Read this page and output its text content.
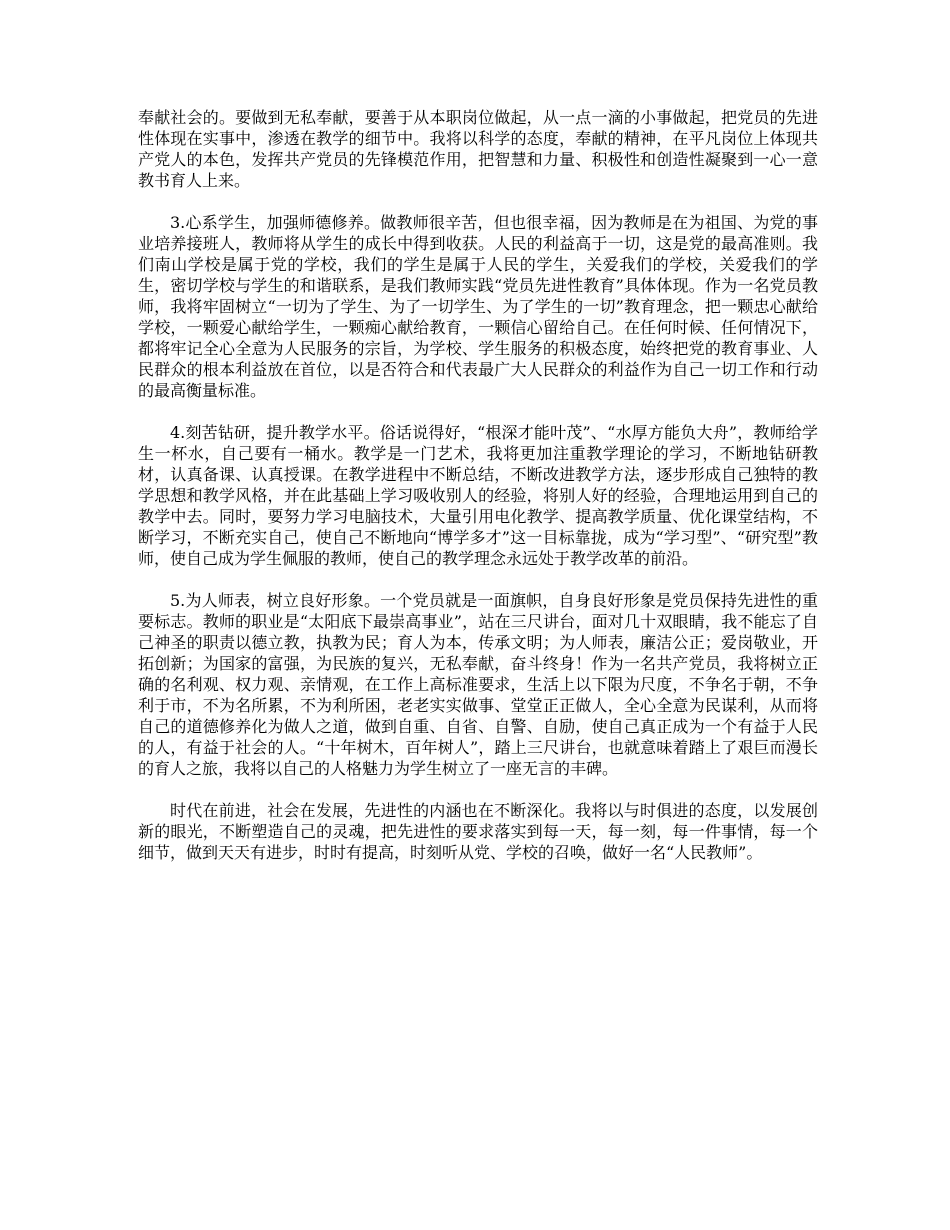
奉献社会的。要做到无私奉献，要善于从本职岗位做起，从一点一滴的小事做起，把党员的先进性体现在实事中，渗透在教学的细节中。我将以科学的态度，奉献的精神，在平凡岗位上体现共产党人的本色，发挥共产党员的先锋模范作用，把智慧和力量、积极性和创造性凝聚到一心一意教书育人上来。

3.心系学生，加强师德修养。做教师很辛苦，但也很幸福，因为教师是在为祖国、为党的事业培养接班人，教师将从学生的成长中得到收获。人民的利益高于一切，这是党的最高准则。我们南山学校是属于党的学校，我们的学生是属于人民的学生，关爱我们的学校，关爱我们的学生，密切学校与学生的和谐联系，是我们教师实践“党员先进性教育”具体体现。作为一名党员教师，我将牢固树立“一切为了学生、为了一切学生、为了学生的一切”教育理念，把一颗忠心献给学校，一颗爱心献给学生，一颗痴心献给教育，一颗信心留给自己。在任何时候、任何情况下，都将牢记全心全意为人民服务的宗旨，为学校、学生服务的积极态度，始终把党的教育事业、人民群众的根本利益放在首位，以是否符合和代表最广大人民群众的利益作为自己一切工作和行动的最高衡量标准。

4.刻苦钻研，提升教学水平。俗话说得好，“根深才能叶茂”、“水厚方能负大舟”，教师给学生一杯水，自己要有一桶水。教学是一门艺术，我将更加注重教学理论的学习，不断地钻研教材，认真备课、认真授课。在教学进程中不断总结，不断改进教学方法，逐步形成自己独特的教学思想和教学风格，并在此基础上学习吸收别人的经验，将别人好的经验，合理地运用到自己的教学中去。同时，要努力学习电脑技术，大量引用电化教学、提高教学质量、优化课堂结构，不断学习，不断充实自己，使自己不断地向“博学多才”这一目标靠拢，成为“学习型”、“研究型”教师，使自己成为学生佩服的教师，使自己的教学理念永远处于教学改革的前沿。

5.为人师表，树立良好形象。一个党员就是一面旗帜，自身良好形象是党员保持先进性的重要标志。教师的职业是“太阳底下最崇高事业”，站在三尺讲台，面对几十双眼睛，我不能忘了自己神圣的职责以德立教，执教为民；育人为本，传承文明；为人师表，廉洁公正；爱岗敬业，开拓创新；为国家的富强，为民族的复兴，无私奉献，奋斗终身！作为一名共产党员，我将树立正确的名利观、权力观、亲情观，在工作上高标准要求，生活上以下限为尺度，不争名于朝，不争利于市，不为名所累，不为利所困，老老实实做事、堂堂正正做人，全心全意为民谋利，从而将自己的道德修养化为做人之道，做到自重、自省、自警、自励，使自己真正成为一个有益于人民的人，有益于社会的人。“十年树木，百年树人”，踏上三尺讲台，也就意味着踏上了艰巨而漫长的育人之旅，我将以自己的人格魅力为学生树立了一座无言的丰碑。

时代在前进，社会在发展，先进性的内涵也在不断深化。我将以与时俱进的态度，以发展创新的眼光，不断塑造自己的灵魂，把先进性的要求落实到每一天，每一刻，每一件事情，每一个细节，做到天天有进步，时时有提高，时刻听从党、学校的召唤，做好一名“人民教师”。
